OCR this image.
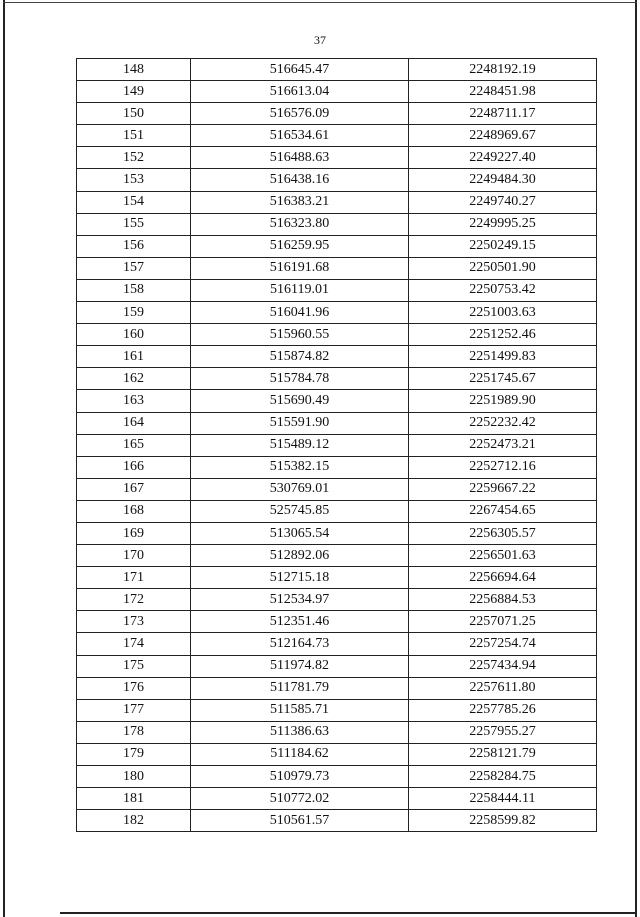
37
148	516645.47	2248192.19
149	516613.04	2248451.98
150	516576.09	2248711.17
151	516534.61	2248969.67
152	516488.63	2249227.40
153	516438.16	2249484.30
154	516383.21	2249740.27
155	516323.80	2249995.25
156	516259.95	2250249.15
157	516191.68	2250501.90
158	516119.01	2250753.42
159	516041.96	2251003.63
160	515960.55	2251252.46
161	515874.82	2251499.83
162	515784.78	2251745.67
163	515690.49	2251989.90
164	515591.90	2252232.42
165	515489.12	2252473.21
166	515382.15	2252712.16
167	530769.01	2259667.22
168	525745.85	2267454.65
169	513065.54	2256305.57
170	512892.06	2256501.63
171	512715.18	2256694.64
172	512534.97	2256884.53
173	512351.46	2257071.25
174	512164.73	2257254.74
175	511974.82	2257434.94
176	511781.79	2257611.80
177	511585.71	2257785.26
178	511386.63	2257955.27
179	511184.62	2258121.79
180	510979.73	2258284.75
181	510772.02	2258444.11
182	510561.57	2258599.82
